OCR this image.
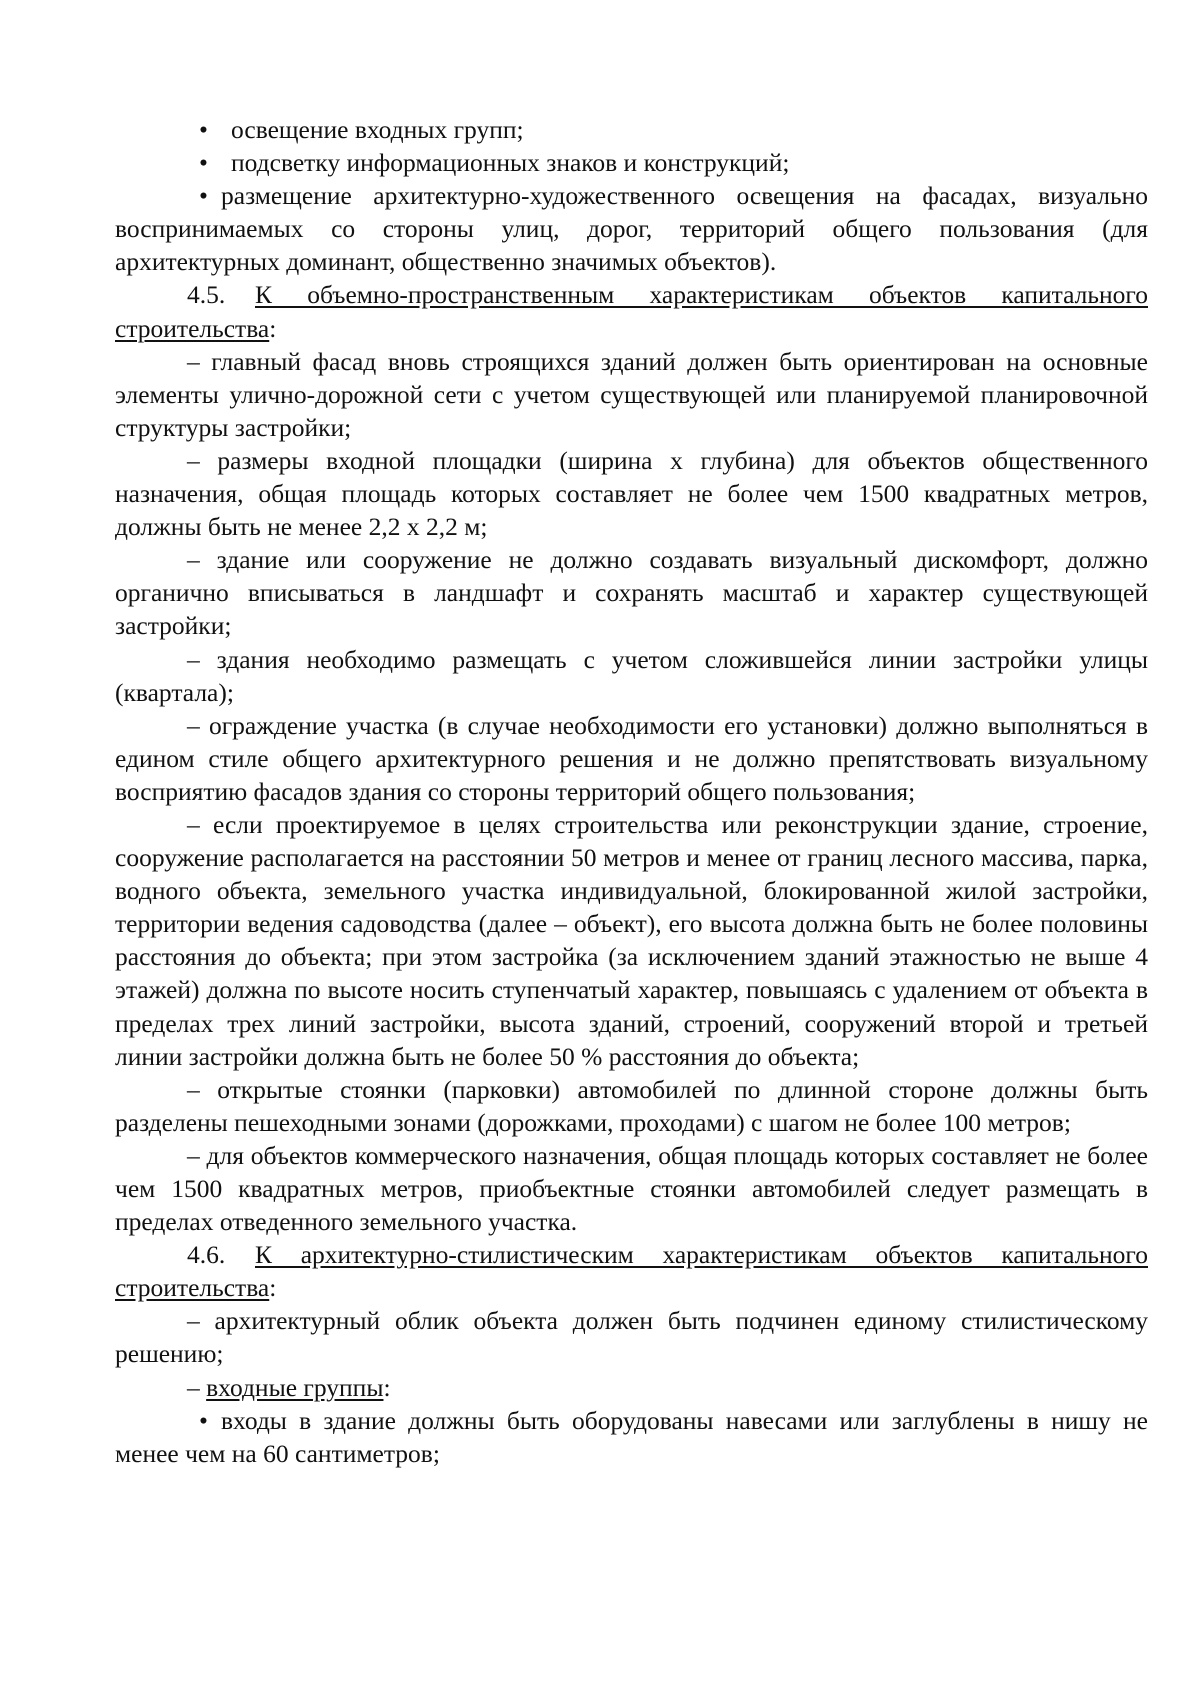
• освещение входных групп;
• подсветку информационных знаков и конструкций;

• размещение архитектурно-художественного освещения на фасадах, визуально воспринимаемых со стороны улиц, дорог, территорий общего пользования (для архитектурных доминант, общественно значимых объектов).

4.5. К объемно-пространственным характеристикам объектов капитального строительства:

– главный фасад вновь строящихся зданий должен быть ориентирован на основные элементы улично-дорожной сети с учетом существующей или планируемой планировочной структуры застройки;

– размеры входной площадки (ширина х глубина) для объектов общественного назначения, общая площадь которых составляет не более чем 1500 квадратных метров, должны быть не менее 2,2 х 2,2 м;

– здание или сооружение не должно создавать визуальный дискомфорт, должно органично вписываться в ландшафт и сохранять масштаб и характер существующей застройки;

– здания необходимо размещать с учетом сложившейся линии застройки улицы (квартала);

– ограждение участка (в случае необходимости его установки) должно выполняться в едином стиле общего архитектурного решения и не должно препятствовать визуальному восприятию фасадов здания со стороны территорий общего пользования;

– если проектируемое в целях строительства или реконструкции здание, строение, сооружение располагается на расстоянии 50 метров и менее от границ лесного массива, парка, водного объекта, земельного участка индивидуальной, блокированной жилой застройки, территории ведения садоводства (далее – объект), его высота должна быть не более половины расстояния до объекта; при этом застройка (за исключением зданий этажностью не выше 4 этажей) должна по высоте носить ступенчатый характер, повышаясь с удалением от объекта в пределах трех линий застройки, высота зданий, строений, сооружений второй и третьей линии застройки должна быть не более 50 % расстояния до объекта;

– открытые стоянки (парковки) автомобилей по длинной стороне должны быть разделены пешеходными зонами (дорожками, проходами) с шагом не более 100 метров;

– для объектов коммерческого назначения, общая площадь которых составляет не более чем 1500 квадратных метров, приобъектные стоянки автомобилей следует размещать в пределах отведенного земельного участка.

4.6. К архитектурно-стилистическим характеристикам объектов капитального строительства:

– архитектурный облик объекта должен быть подчинен единому стилистическому решению;

– входные группы:

• входы в здание должны быть оборудованы навесами или заглублены в нишу не менее чем на 60 сантиметров;
